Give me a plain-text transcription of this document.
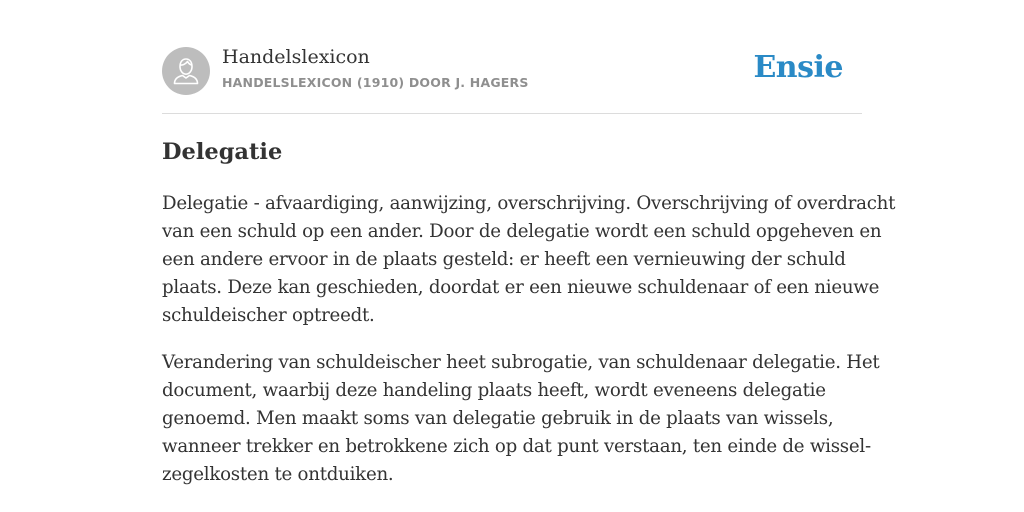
Handelslexicon
HANDELSLEXICON (1910) DOOR J. HAGERS	Ensie
Delegatie
Delegatie - afvaardiging, aanwijzing, overschrijving. Overschrijving of overdracht
van een schuld op een ander. Door de delegatie wordt een schuld opgeheven en
een andere ervoor in de plaats gesteld: er heeft een vernieuwing der schuld
plaats. Deze kan geschieden, doordat er een nieuwe schuldenaar of een nieuwe
schuldeischer optreedt.
Verandering van schuldeischer heet subrogatie, van schuldenaar delegatie. Het
document, waarbij deze handeling plaats heeft, wordt eveneens delegatie
genoemd. Men maakt soms van delegatie gebruik in de plaats van wissels,
wanneer trekker en betrokkene zich op dat punt verstaan, ten einde de wissel-
zegelkosten te ontduiken.
